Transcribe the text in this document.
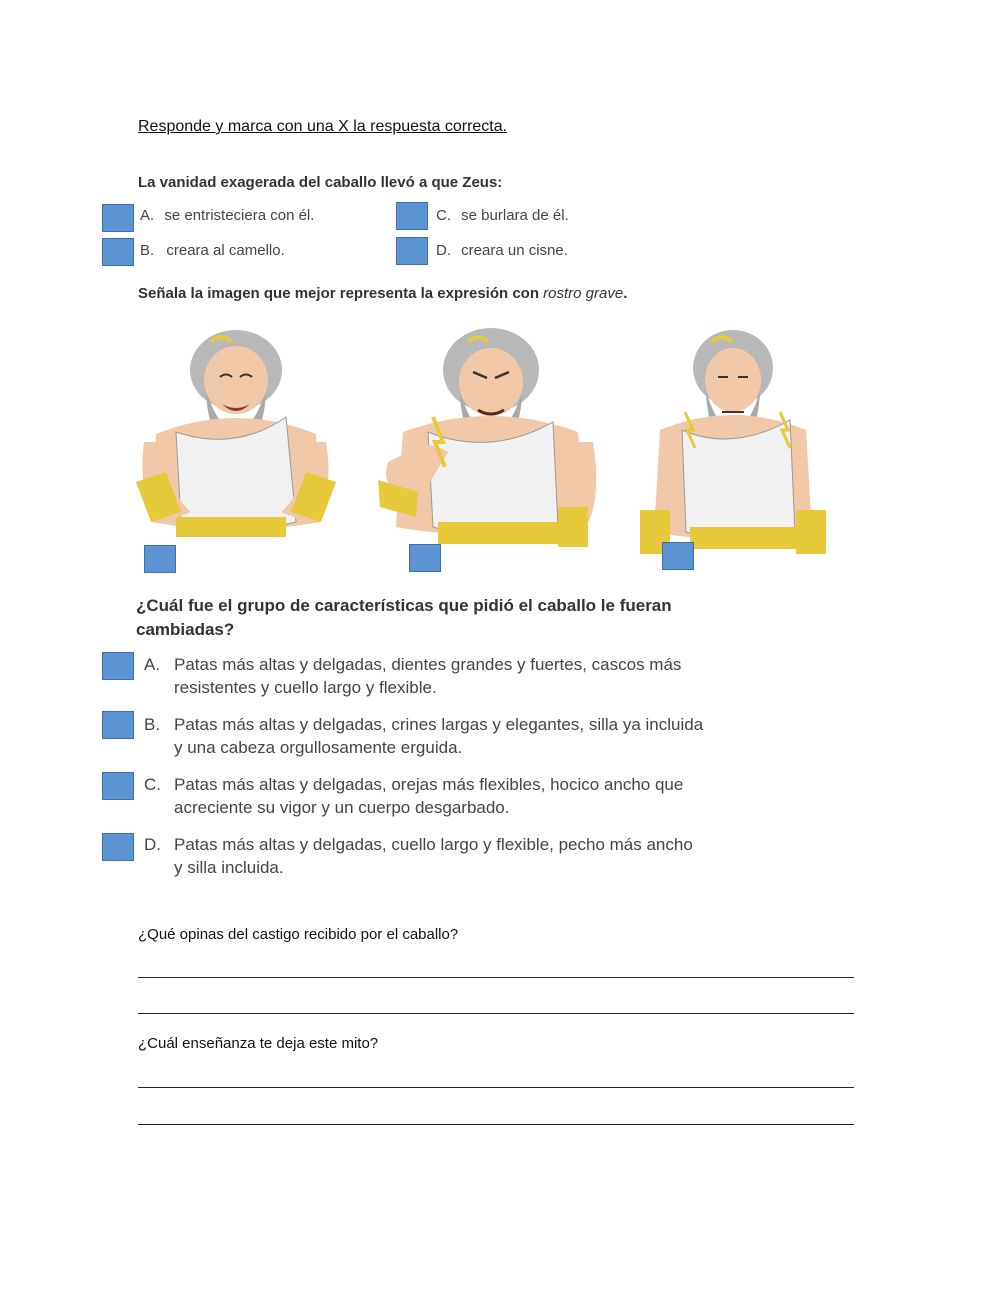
Responde y marca con una X la respuesta correcta.
La vanidad exagerada del caballo llevó a que Zeus:
A. se entristeciera con él.
B. creara al camello.
C. se burlara de él.
D. creara un cisne.
Señala la imagen que mejor representa la expresión con rostro grave.
¿Cuál fue el grupo de características que pidió el caballo le fueran
cambiadas?
A. Patas más altas y delgadas, dientes grandes y fuertes, cascos más
resistentes y cuello largo y flexible.
B. Patas más altas y delgadas, crines largas y elegantes, silla ya incluida
y una cabeza orgullosamente erguida.
C. Patas más altas y delgadas, orejas más flexibles, hocico ancho que
acreciente su vigor y un cuerpo desgarbado.
D. Patas más altas y delgadas, cuello largo y flexible, pecho más ancho
y silla incluida.
¿Qué opinas del castigo recibido por el caballo?
¿Cuál enseñanza te deja este mito?
